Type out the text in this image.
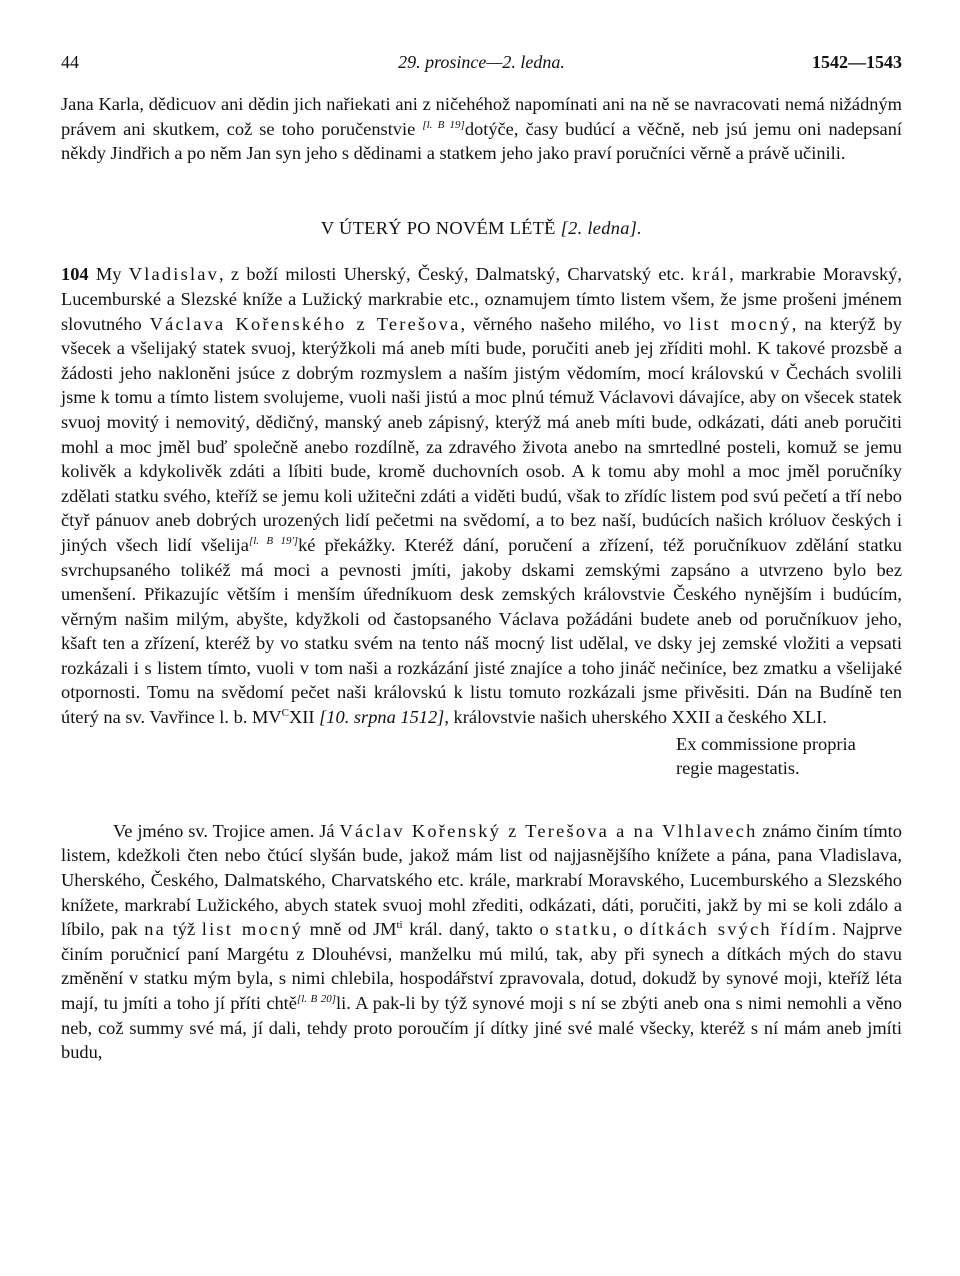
44	29. prosince—2. ledna.	1542—1543

Jana Karla, dědicuov ani dědin jich nařiekati ani z ničehéhož napomínati ani na ně se navracovati nemá nižádným právem ani skutkem, což se toho poručenstvie [l. B 19]dotýče, časy budúcí a věčně, neb jsú jemu oni nadepsaní někdy Jindřich a po něm Jan syn jeho s dědinami a statkem jeho jako praví poručníci věrně a právě učinili.

V ÚTERÝ PO NOVÉM LÉTĚ [2. ledna].

104 My Vladislav, z boží milosti Uherský, Český, Dalmatský, Charvatský etc. král, markrabie Moravský, Lucemburské a Slezské kníže a Lužický markrabie etc., oznamujem tímto listem všem, že jsme prošeni jménem slovutného Václava Kořenského z Terešova, věrného našeho milého, vo list mocný, na kterýž by všecek a všelijaký statek svuoj, kterýžkoli má aneb míti bude, poručiti aneb jej zříditi mohl. K takové prozsbě a žádosti jeho nakloněni jsúce z dobrým rozmyslem a naším jistým vědomím, mocí královskú v Čechách svolili jsme k tomu a tímto listem svolujeme, vuoli naši jistú a moc plnú témuž Václavovi dávajíce, aby on všecek statek svuoj movitý i nemovitý, dědičný, manský aneb zápisný, kterýž má aneb míti bude, odkázati, dáti aneb poručiti mohl a moc jměl buď společně anebo rozdílně, za zdravého života anebo na smrtedlné posteli, komuž se jemu kolivěk a kdykolivěk zdáti a líbiti bude, kromě duchovních osob. A k tomu aby mohl a moc jměl poručníky zdělati statku svého, kteříž se jemu koli užitečni zdáti a viděti budú, však to zřídíc listem pod svú pečetí a tří nebo čtyř pánuov aneb dobrých urozených lidí pečetmi na svědomí, a to bez naší, budúcích našich króluov českých i jiných všech lidí všelija[l. B 19']ké překážky. Kteréž dání, poručení a zřízení, též poručníkuov zdělání statku svrchupsaného tolikéž má moci a pevnosti jmíti, jakoby dskami zemskými zapsáno a utvrzeno bylo bez umenšení. Přikazujíc větším i menším úředníkuom desk zemských královstvie Českého nynějším i budúcím, věrným našim milým, abyšte, kdyžkoli od častopsaného Václava požádáni budete aneb od poručníkuov jeho, kšaft ten a zřízení, kteréž by vo statku svém na tento náš mocný list udělal, ve dsky jej zemské vložiti a vepsati rozkázali i s listem tímto, vuoli v tom naši a rozkázání jisté znajíce a toho jináč nečiníce, bez zmatku a všelijaké otpornosti. Tomu na svědomí pečet naši královskú k listu tomuto rozkázali jsme přivěsiti. Dán na Budíně ten úterý na sv. Vavřince l. b. $MV^CXII$ [10. srpna 1512], královstvie našich uherského XXII a českého XLI.

Ex commissione propria
regie magestatis.

Ve jméno sv. Trojice amen. Já Václav Kořenský z Terešova a na Vlhlavech známo činím tímto listem, kdežkoli čten nebo čtúcí slyšán bude, jakož mám list od najjasnějšího knížete a pána, pana Vladislava, Uherského, Českého, Dalmatského, Charvatského etc. krále, markrabí Moravského, Lucemburského a Slezského knížete, markrabí Lužického, abych statek svuoj mohl zřediti, odkázati, dáti, poručiti, jakž by mi se koli zdálo a líbilo, pak na týž list mocný mně od $JM^{ti}$ král. daný, takto o statku, o dítkách svých řídím. Najprve činím poručnicí paní Margétu z Dlouhévsi, manželku mú milú, tak, aby při synech a dítkách mých do stavu změnění v statku mým byla, s nimi chlebila, hospodářství zpravovala, dotud, dokudž by synové moji, kteříž léta mají, tu jmíti a toho jí příti chtě[l. B 20]li. A pak-li by týž synové moji s ní se zbýti aneb ona s nimi nemohli a věno neb, což summy své má, jí dali, tehdy proto poroučím jí dítky jiné své malé všecky, kteréž s ní mám aneb jmíti budu,
